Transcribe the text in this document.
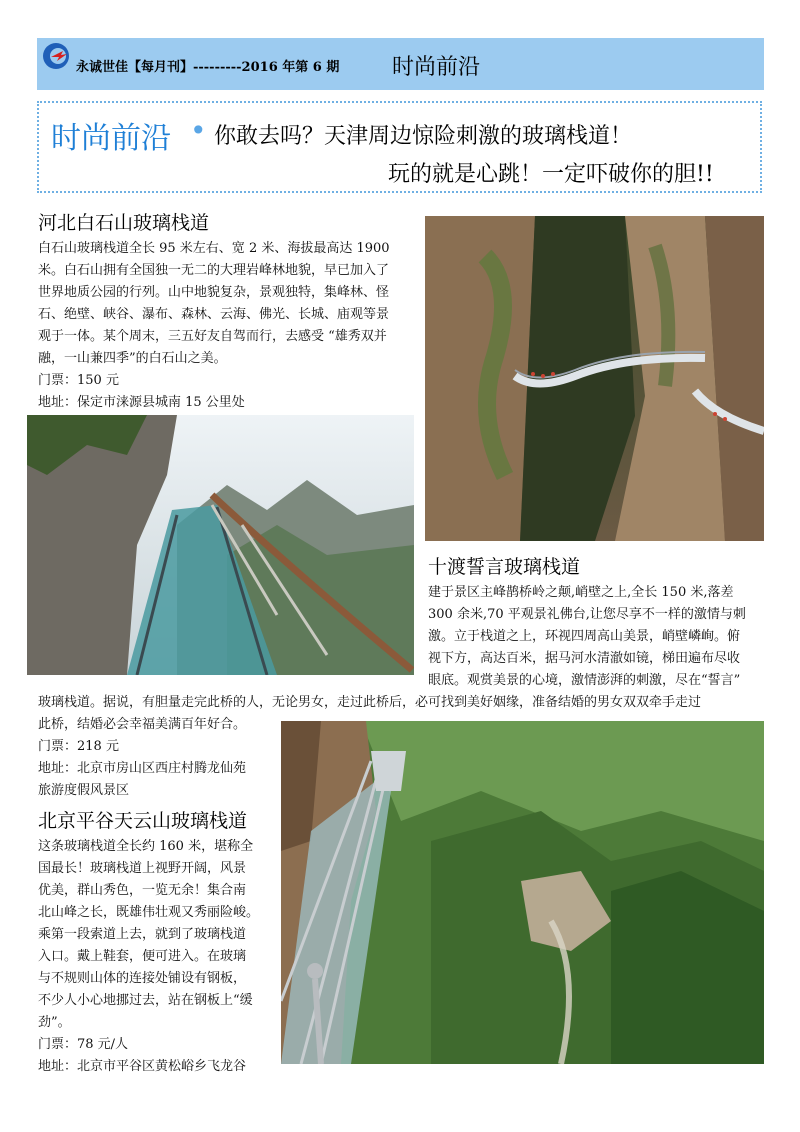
永诚世佳【每月刊】---------2016 年第 6 期 时尚前沿
时尚前沿 • 你敢去吗？天津周边惊险刺激的玻璃栈道！
玩的就是心跳！一定吓破你的胆!!
河北白石山玻璃栈道
白石山玻璃栈道全长 95 米左右、宽 2 米、海拔最高达 1900
米。白石山拥有全国独一无二的大理岩峰林地貌，早已加入了
世界地质公园的行列。山中地貌复杂，景观独特，集峰林、怪
石、绝壁、峡谷、瀑布、森林、云海、佛光、长城、庙观等景
观于一体。某个周末，三五好友自驾而行，去感受 “雄秀双并
融，一山兼四季”的白石山之美。
门票：150 元
地址：保定市涞源县城南 15 公里处
十渡誓言玻璃栈道
建于景区主峰鹊桥岭之颠,峭壁之上,全长 150 米,落差
300 余米,70 平观景礼佛台,让您尽享不一样的激情与刺
激。立于栈道之上，环视四周高山美景，峭壁嶙峋。俯
视下方，高达百米，据马河水清澈如镜，梯田遍布尽收
眼底。观赏美景的心境，激情澎湃的刺激，尽在“誓言”
玻璃栈道。据说，有胆量走完此桥的人，无论男女，走过此桥后，必可找到美好姻缘，准备结婚的男女双双牵手走过
此桥，结婚必会幸福美满百年好合。
门票：218 元
地址：北京市房山区西庄村腾龙仙苑
旅游度假风景区
北京平谷天云山玻璃栈道
这条玻璃栈道全长约 160 米，堪称全
国最长！玻璃栈道上视野开阔，风景
优美，群山秀色，一览无余！集合南
北山峰之长，既雄伟壮观又秀丽险峻。
乘第一段索道上去，就到了玻璃栈道
入口。戴上鞋套，便可进入。在玻璃
与不规则山体的连接处铺设有钢板，
不少人小心地挪过去，站在钢板上“缓
劲”。
门票：78 元/人
地址：北京市平谷区黄松峪乡飞龙谷
